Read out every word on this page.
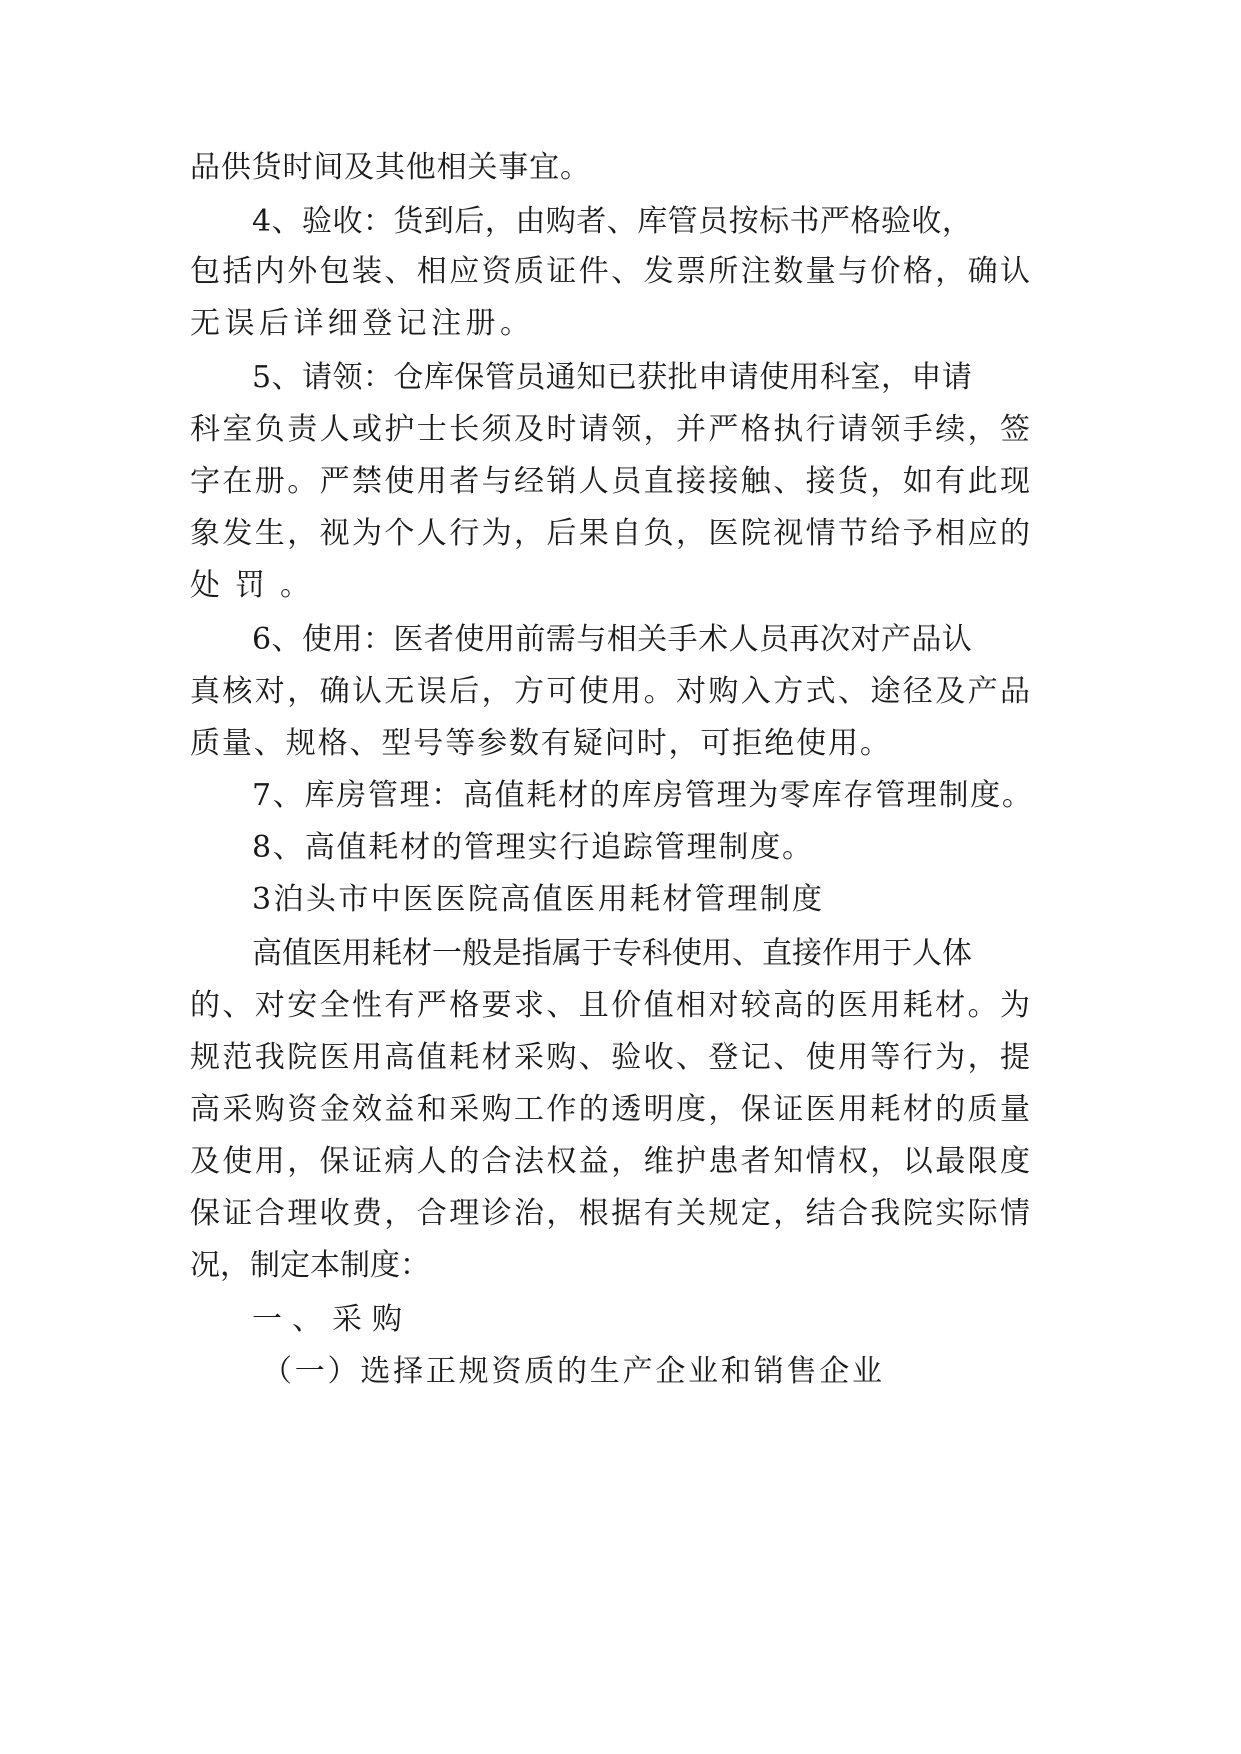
品供货时间及其他相关事宜。
4、验收：货到后，由购者、库管员按标书严格验收，
包括内外包装、相应资质证件、发票所注数量与价格，确认
无误后详细登记注册。
5、请领：仓库保管员通知已获批申请使用科室，申请
科室负责人或护士长须及时请领，并严格执行请领手续，签
字在册。严禁使用者与经销人员直接接触、接货，如有此现
象发生，视为个人行为，后果自负，医院视情节给予相应的
处罚。
6、使用：医者使用前需与相关手术人员再次对产品认
真核对，确认无误后，方可使用。对购入方式、途径及产品
质量、规格、型号等参数有疑问时，可拒绝使用。
7、库房管理：高值耗材的库房管理为零库存管理制度。
8、高值耗材的管理实行追踪管理制度。
3泊头市中医医院高值医用耗材管理制度
高值医用耗材一般是指属于专科使用、直接作用于人体
的、对安全性有严格要求、且价值相对较高的医用耗材。为
规范我院医用高值耗材采购、验收、登记、使用等行为，提
高采购资金效益和采购工作的透明度，保证医用耗材的质量
及使用，保证病人的合法权益，维护患者知情权，以最限度
保证合理收费，合理诊治，根据有关规定，结合我院实际情
况，制定本制度：
一、采购
（一）选择正规资质的生产企业和销售企业
